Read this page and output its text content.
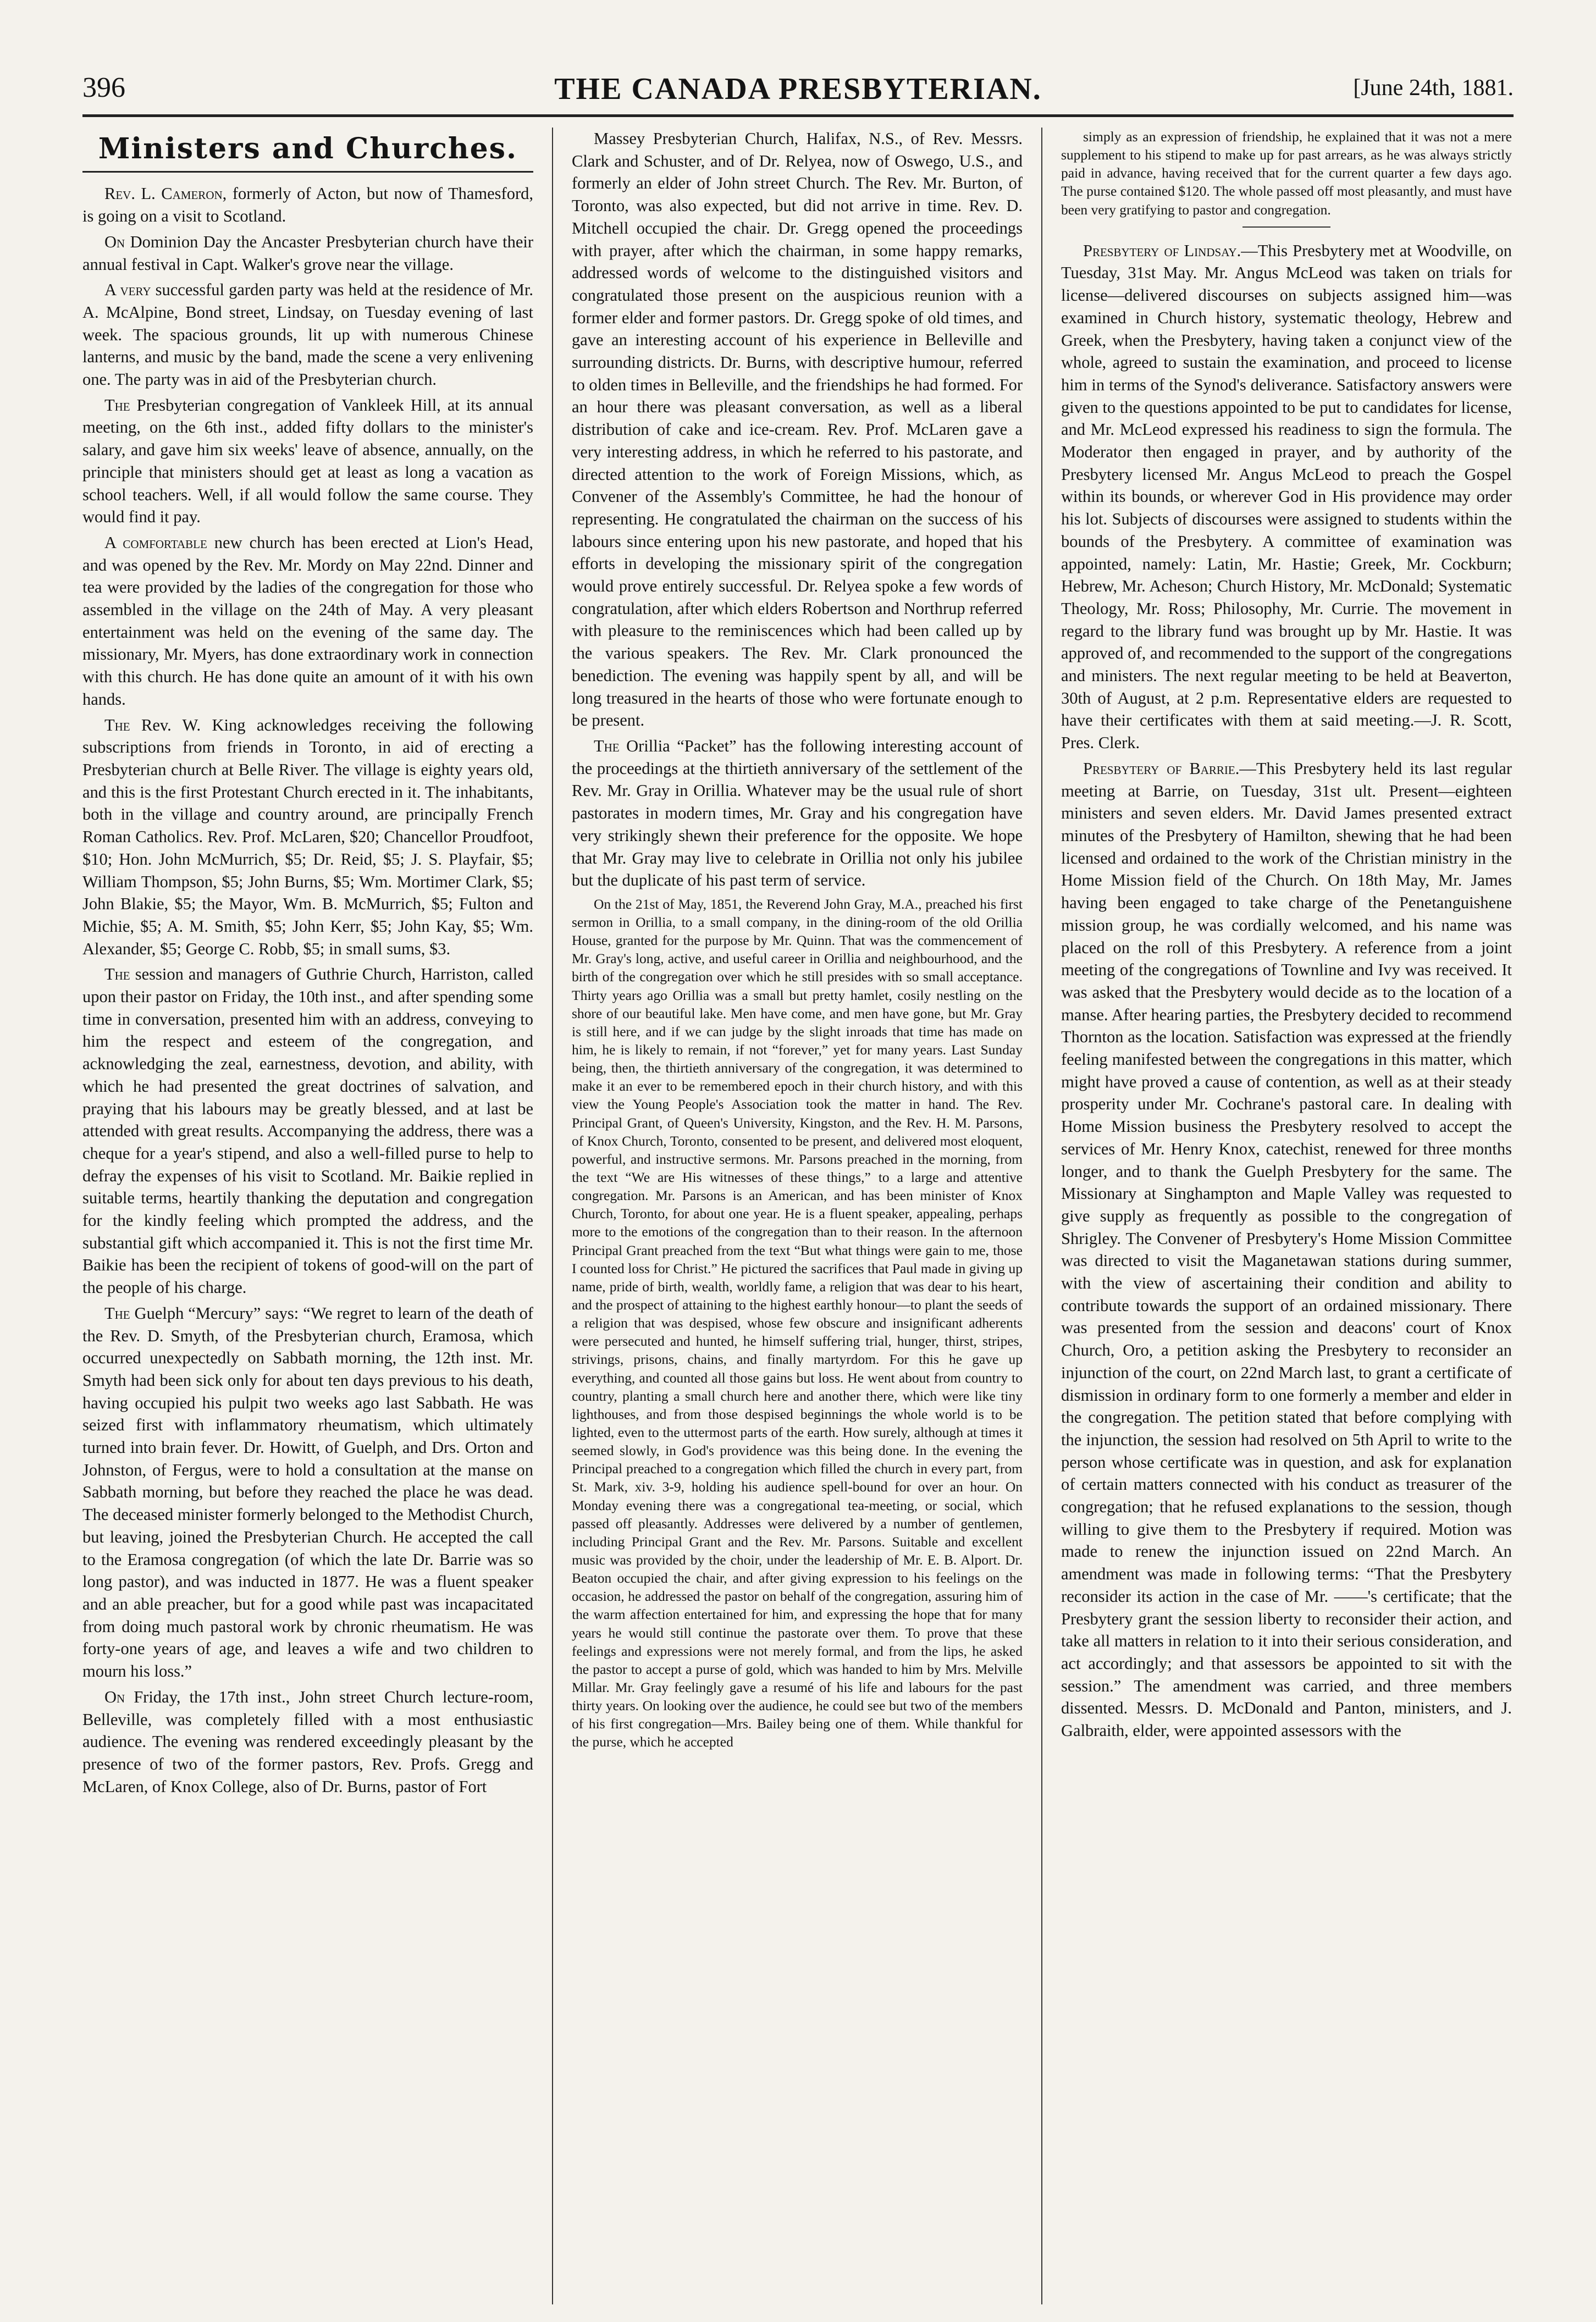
396	THE CANADA PRESBYTERIAN.	[June 24th, 1881.
Ministers and Churches.

Rev. L. Cameron, formerly of Acton, but now of Thamesford, is going on a visit to Scotland.

On Dominion Day the Ancaster Presbyterian church have their annual festival in Capt. Walker's grove near the village.

A very successful garden party was held at the residence of Mr. A. McAlpine, Bond street, Lindsay, on Tuesday evening of last week. The spacious grounds, lit up with numerous Chinese lanterns, and music by the band, made the scene a very enlivening one. The party was in aid of the Presbyterian church.

The Presbyterian congregation of Vankleek Hill, at its annual meeting, on the 6th inst., added fifty dollars to the minister's salary, and gave him six weeks' leave of absence, annually, on the principle that ministers should get at least as long a vacation as school teachers. Well, if all would follow the same course. They would find it pay.

A comfortable new church has been erected at Lion's Head, and was opened by the Rev. Mr. Mordy on May 22nd. Dinner and tea were provided by the ladies of the congregation for those who assembled in the village on the 24th of May. A very pleasant entertainment was held on the evening of the same day. The missionary, Mr. Myers, has done extraordinary work in connection with this church. He has done quite an amount of it with his own hands.

The Rev. W. King acknowledges receiving the following subscriptions from friends in Toronto, in aid of erecting a Presbyterian church at Belle River. The village is eighty years old, and this is the first Protestant Church erected in it. The inhabitants, both in the village and country around, are principally French Roman Catholics. Rev. Prof. McLaren, $20; Chancellor Proudfoot, $10; Hon. John McMurrich, $5; Dr. Reid, $5; J. S. Playfair, $5; William Thompson, $5; John Burns, $5; Wm. Mortimer Clark, $5; John Blakie, $5; the Mayor, Wm. B. McMurrich, $5; Fulton and Michie, $5; A. M. Smith, $5; John Kerr, $5; John Kay, $5; Wm. Alexander, $5; George C. Robb, $5; in small sums, $3.

The session and managers of Guthrie Church, Harriston, called upon their pastor on Friday, the 10th inst., and after spending some time in conversation, presented him with an address, conveying to him the respect and esteem of the congregation, and acknowledging the zeal, earnestness, devotion, and ability, with which he had presented the great doctrines of salvation, and praying that his labours may be greatly blessed, and at last be attended with great results. Accompanying the address, there was a cheque for a year's stipend, and also a well-filled purse to help to defray the expenses of his visit to Scotland. Mr. Baikie replied in suitable terms, heartily thanking the deputation and congregation for the kindly feeling which prompted the address, and the substantial gift which accompanied it. This is not the first time Mr. Baikie has been the recipient of tokens of good-will on the part of the people of his charge.

The Guelph “Mercury” says: “We regret to learn of the death of the Rev. D. Smyth, of the Presbyterian church, Eramosa, which occurred unexpectedly on Sabbath morning, the 12th inst. Mr. Smyth had been sick only for about ten days previous to his death, having occupied his pulpit two weeks ago last Sabbath. He was seized first with inflammatory rheumatism, which ultimately turned into brain fever. Dr. Howitt, of Guelph, and Drs. Orton and Johnston, of Fergus, were to hold a consultation at the manse on Sabbath morning, but before they reached the place he was dead. The deceased minister formerly belonged to the Methodist Church, but leaving, joined the Presbyterian Church. He accepted the call to the Eramosa congregation (of which the late Dr. Barrie was so long pastor), and was inducted in 1877. He was a fluent speaker and an able preacher, but for a good while past was incapacitated from doing much pastoral work by chronic rheumatism. He was forty-one years of age, and leaves a wife and two children to mourn his loss.”

On Friday, the 17th inst., John street Church lecture-room, Belleville, was completely filled with a most enthusiastic audience. The evening was rendered exceedingly pleasant by the presence of two of the former pastors, Rev. Profs. Gregg and McLaren, of Knox College, also of Dr. Burns, pastor of Fort

Massey Presbyterian Church, Halifax, N.S., of Rev. Messrs. Clark and Schuster, and of Dr. Relyea, now of Oswego, U.S., and formerly an elder of John street Church. The Rev. Mr. Burton, of Toronto, was also expected, but did not arrive in time. Rev. D. Mitchell occupied the chair. Dr. Gregg opened the proceedings with prayer, after which the chairman, in some happy remarks, addressed words of welcome to the distinguished visitors and congratulated those present on the auspicious reunion with a former elder and former pastors. Dr. Gregg spoke of old times, and gave an interesting account of his experience in Belleville and surrounding districts. Dr. Burns, with descriptive humour, referred to olden times in Belleville, and the friendships he had formed. For an hour there was pleasant conversation, as well as a liberal distribution of cake and ice-cream. Rev. Prof. McLaren gave a very interesting address, in which he referred to his pastorate, and directed attention to the work of Foreign Missions, which, as Convener of the Assembly's Committee, he had the honour of representing. He congratulated the chairman on the success of his labours since entering upon his new pastorate, and hoped that his efforts in developing the missionary spirit of the congregation would prove entirely successful. Dr. Relyea spoke a few words of congratulation, after which elders Robertson and Northrup referred with pleasure to the reminiscences which had been called up by the various speakers. The Rev. Mr. Clark pronounced the benediction. The evening was happily spent by all, and will be long treasured in the hearts of those who were fortunate enough to be present.

The Orillia “Packet” has the following interesting account of the proceedings at the thirtieth anniversary of the settlement of the Rev. Mr. Gray in Orillia. Whatever may be the usual rule of short pastorates in modern times, Mr. Gray and his congregation have very strikingly shewn their preference for the opposite. We hope that Mr. Gray may live to celebrate in Orillia not only his jubilee but the duplicate of his past term of service.

On the 21st of May, 1851, the Reverend John Gray, M.A., preached his first sermon in Orillia, to a small company, in the dining-room of the old Orillia House, granted for the purpose by Mr. Quinn. That was the commencement of Mr. Gray's long, active, and useful career in Orillia and neighbourhood, and the birth of the congregation over which he still presides with so small acceptance. Thirty years ago Orillia was a small but pretty hamlet, cosily nestling on the shore of our beautiful lake. Men have come, and men have gone, but Mr. Gray is still here, and if we can judge by the slight inroads that time has made on him, he is likely to remain, if not “forever,” yet for many years. Last Sunday being, then, the thirtieth anniversary of the congregation, it was determined to make it an ever to be remembered epoch in their church history, and with this view the Young People's Association took the matter in hand. The Rev. Principal Grant, of Queen's University, Kingston, and the Rev. H. M. Parsons, of Knox Church, Toronto, consented to be present, and delivered most eloquent, powerful, and instructive sermons. Mr. Parsons preached in the morning, from the text “We are His witnesses of these things,” to a large and attentive congregation. Mr. Parsons is an American, and has been minister of Knox Church, Toronto, for about one year. He is a fluent speaker, appealing, perhaps more to the emotions of the congregation than to their reason. In the afternoon Principal Grant preached from the text “But what things were gain to me, those I counted loss for Christ.” He pictured the sacrifices that Paul made in giving up name, pride of birth, wealth, worldly fame, a religion that was dear to his heart, and the prospect of attaining to the highest earthly honour—to plant the seeds of a religion that was despised, whose few obscure and insignificant adherents were persecuted and hunted, he himself suffering trial, hunger, thirst, stripes, strivings, prisons, chains, and finally martyrdom. For this he gave up everything, and counted all those gains but loss. He went about from country to country, planting a small church here and another there, which were like tiny lighthouses, and from those despised beginnings the whole world is to be lighted, even to the uttermost parts of the earth. How surely, although at times it seemed slowly, in God's providence was this being done. In the evening the Principal preached to a congregation which filled the church in every part, from St. Mark, xiv. 3-9, holding his audience spell-bound for over an hour. On Monday evening there was a congregational tea-meeting, or social, which passed off pleasantly. Addresses were delivered by a number of gentlemen, including Principal Grant and the Rev. Mr. Parsons. Suitable and excellent music was provided by the choir, under the leadership of Mr. E. B. Alport. Dr. Beaton occupied the chair, and after giving expression to his feelings on the occasion, he addressed the pastor on behalf of the congregation, assuring him of the warm affection entertained for him, and expressing the hope that for many years he would still continue the pastorate over them. To prove that these feelings and expressions were not merely formal, and from the lips, he asked the pastor to accept a purse of gold, which was handed to him by Mrs. Melville Millar. Mr. Gray feelingly gave a resumé of his life and labours for the past thirty years. On looking over the audience, he could see but two of the members of his first congregation—Mrs. Bailey being one of them. While thankful for the purse, which he accepted

simply as an expression of friendship, he explained that it was not a mere supplement to his stipend to make up for past arrears, as he was always strictly paid in advance, having received that for the current quarter a few days ago. The purse contained $120. The whole passed off most pleasantly, and must have been very gratifying to pastor and congregation.

Presbytery of Lindsay.—This Presbytery met at Woodville, on Tuesday, 31st May. Mr. Angus McLeod was taken on trials for license—delivered discourses on subjects assigned him—was examined in Church history, systematic theology, Hebrew and Greek, when the Presbytery, having taken a conjunct view of the whole, agreed to sustain the examination, and proceed to license him in terms of the Synod's deliverance. Satisfactory answers were given to the questions appointed to be put to candidates for license, and Mr. McLeod expressed his readiness to sign the formula. The Moderator then engaged in prayer, and by authority of the Presbytery licensed Mr. Angus McLeod to preach the Gospel within its bounds, or wherever God in His providence may order his lot. Subjects of discourses were assigned to students within the bounds of the Presbytery. A committee of examination was appointed, namely: Latin, Mr. Hastie; Greek, Mr. Cockburn; Hebrew, Mr. Acheson; Church History, Mr. McDonald; Systematic Theology, Mr. Ross; Philosophy, Mr. Currie. The movement in regard to the library fund was brought up by Mr. Hastie. It was approved of, and recommended to the support of the congregations and ministers. The next regular meeting to be held at Beaverton, 30th of August, at 2 p.m. Representative elders are requested to have their certificates with them at said meeting.—J. R. Scott, Pres. Clerk.

Presbytery of Barrie.—This Presbytery held its last regular meeting at Barrie, on Tuesday, 31st ult. Present—eighteen ministers and seven elders. Mr. David James presented extract minutes of the Presbytery of Hamilton, shewing that he had been licensed and ordained to the work of the Christian ministry in the Home Mission field of the Church. On 18th May, Mr. James having been engaged to take charge of the Penetanguishene mission group, he was cordially welcomed, and his name was placed on the roll of this Presbytery. A reference from a joint meeting of the congregations of Townline and Ivy was received. It was asked that the Presbytery would decide as to the location of a manse. After hearing parties, the Presbytery decided to recommend Thornton as the location. Satisfaction was expressed at the friendly feeling manifested between the congregations in this matter, which might have proved a cause of contention, as well as at their steady prosperity under Mr. Cochrane's pastoral care. In dealing with Home Mission business the Presbytery resolved to accept the services of Mr. Henry Knox, catechist, renewed for three months longer, and to thank the Guelph Presbytery for the same. The Missionary at Singhampton and Maple Valley was requested to give supply as frequently as possible to the congregation of Shrigley. The Convener of Presbytery's Home Mission Committee was directed to visit the Maganetawan stations during summer, with the view of ascertaining their condition and ability to contribute towards the support of an ordained missionary. There was presented from the session and deacons' court of Knox Church, Oro, a petition asking the Presbytery to reconsider an injunction of the court, on 22nd March last, to grant a certificate of dismission in ordinary form to one formerly a member and elder in the congregation. The petition stated that before complying with the injunction, the session had resolved on 5th April to write to the person whose certificate was in question, and ask for explanation of certain matters connected with his conduct as treasurer of the congregation; that he refused explanations to the session, though willing to give them to the Presbytery if required. Motion was made to renew the injunction issued on 22nd March. An amendment was made in following terms: “That the Presbytery reconsider its action in the case of Mr. ——'s certificate; that the Presbytery grant the session liberty to reconsider their action, and take all matters in relation to it into their serious consideration, and act accordingly; and that assessors be appointed to sit with the session.” The amendment was carried, and three members dissented. Messrs. D. McDonald and Panton, ministers, and J. Galbraith, elder, were appointed assessors with the
